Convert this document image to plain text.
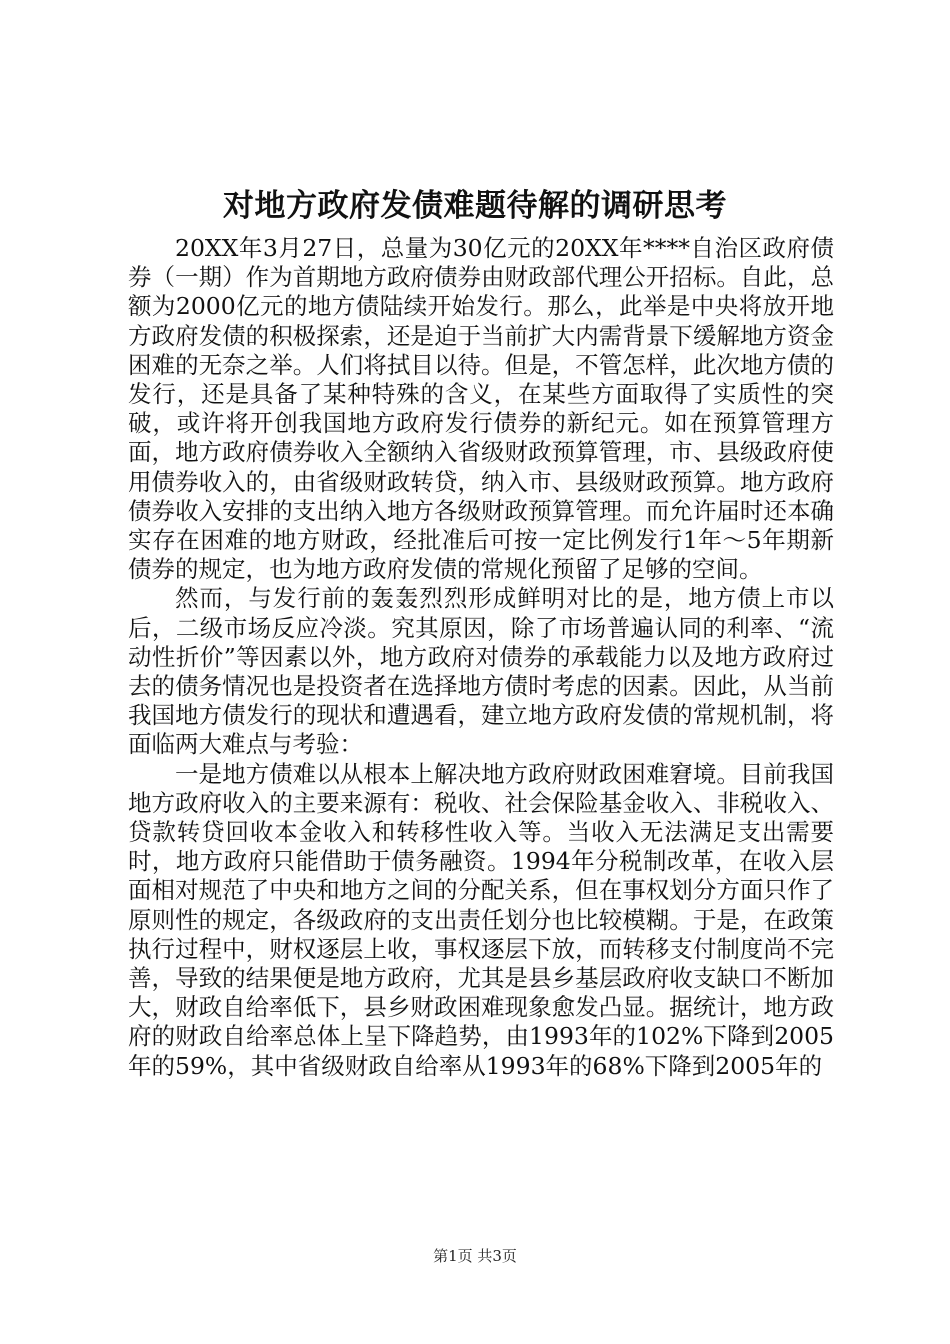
对地方政府发债难题待解的调研思考

20XX年3月27日，总量为30亿元的20XX年****自治区政府债券（一期）作为首期地方政府债券由财政部代理公开招标。自此，总额为2000亿元的地方债陆续开始发行。那么，此举是中央将放开地方政府发债的积极探索，还是迫于当前扩大内需背景下缓解地方资金困难的无奈之举。人们将拭目以待。但是，不管怎样，此次地方债的发行，还是具备了某种特殊的含义，在某些方面取得了实质性的突破，或许将开创我国地方政府发行债券的新纪元。如在预算管理方面，地方政府债券收入全额纳入省级财政预算管理，市、县级政府使用债券收入的，由省级财政转贷，纳入市、县级财政预算。地方政府债券收入安排的支出纳入地方各级财政预算管理。而允许届时还本确实存在困难的地方财政，经批准后可按一定比例发行1年～5年期新债券的规定，也为地方政府发债的常规化预留了足够的空间。

然而，与发行前的轰轰烈烈形成鲜明对比的是，地方债上市以后，二级市场反应冷淡。究其原因，除了市场普遍认同的利率、“流动性折价”等因素以外，地方政府对债券的承载能力以及地方政府过去的债务情况也是投资者在选择地方债时考虑的因素。因此，从当前我国地方债发行的现状和遭遇看，建立地方政府发债的常规机制，将面临两大难点与考验：

一是地方债难以从根本上解决地方政府财政困难窘境。目前我国地方政府收入的主要来源有：税收、社会保险基金收入、非税收入、贷款转贷回收本金收入和转移性收入等。当收入无法满足支出需要时，地方政府只能借助于债务融资。1994年分税制改革，在收入层面相对规范了中央和地方之间的分配关系，但在事权划分方面只作了原则性的规定，各级政府的支出责任划分也比较模糊。于是，在政策执行过程中，财权逐层上收，事权逐层下放，而转移支付制度尚不完善，导致的结果便是地方政府，尤其是县乡基层政府收支缺口不断加大，财政自给率低下，县乡财政困难现象愈发凸显。据统计，地方政府的财政自给率总体上呈下降趋势，由1993年的102%下降到2005年的59%，其中省级财政自给率从1993年的68%下降到2005年的

第1页 共3页
